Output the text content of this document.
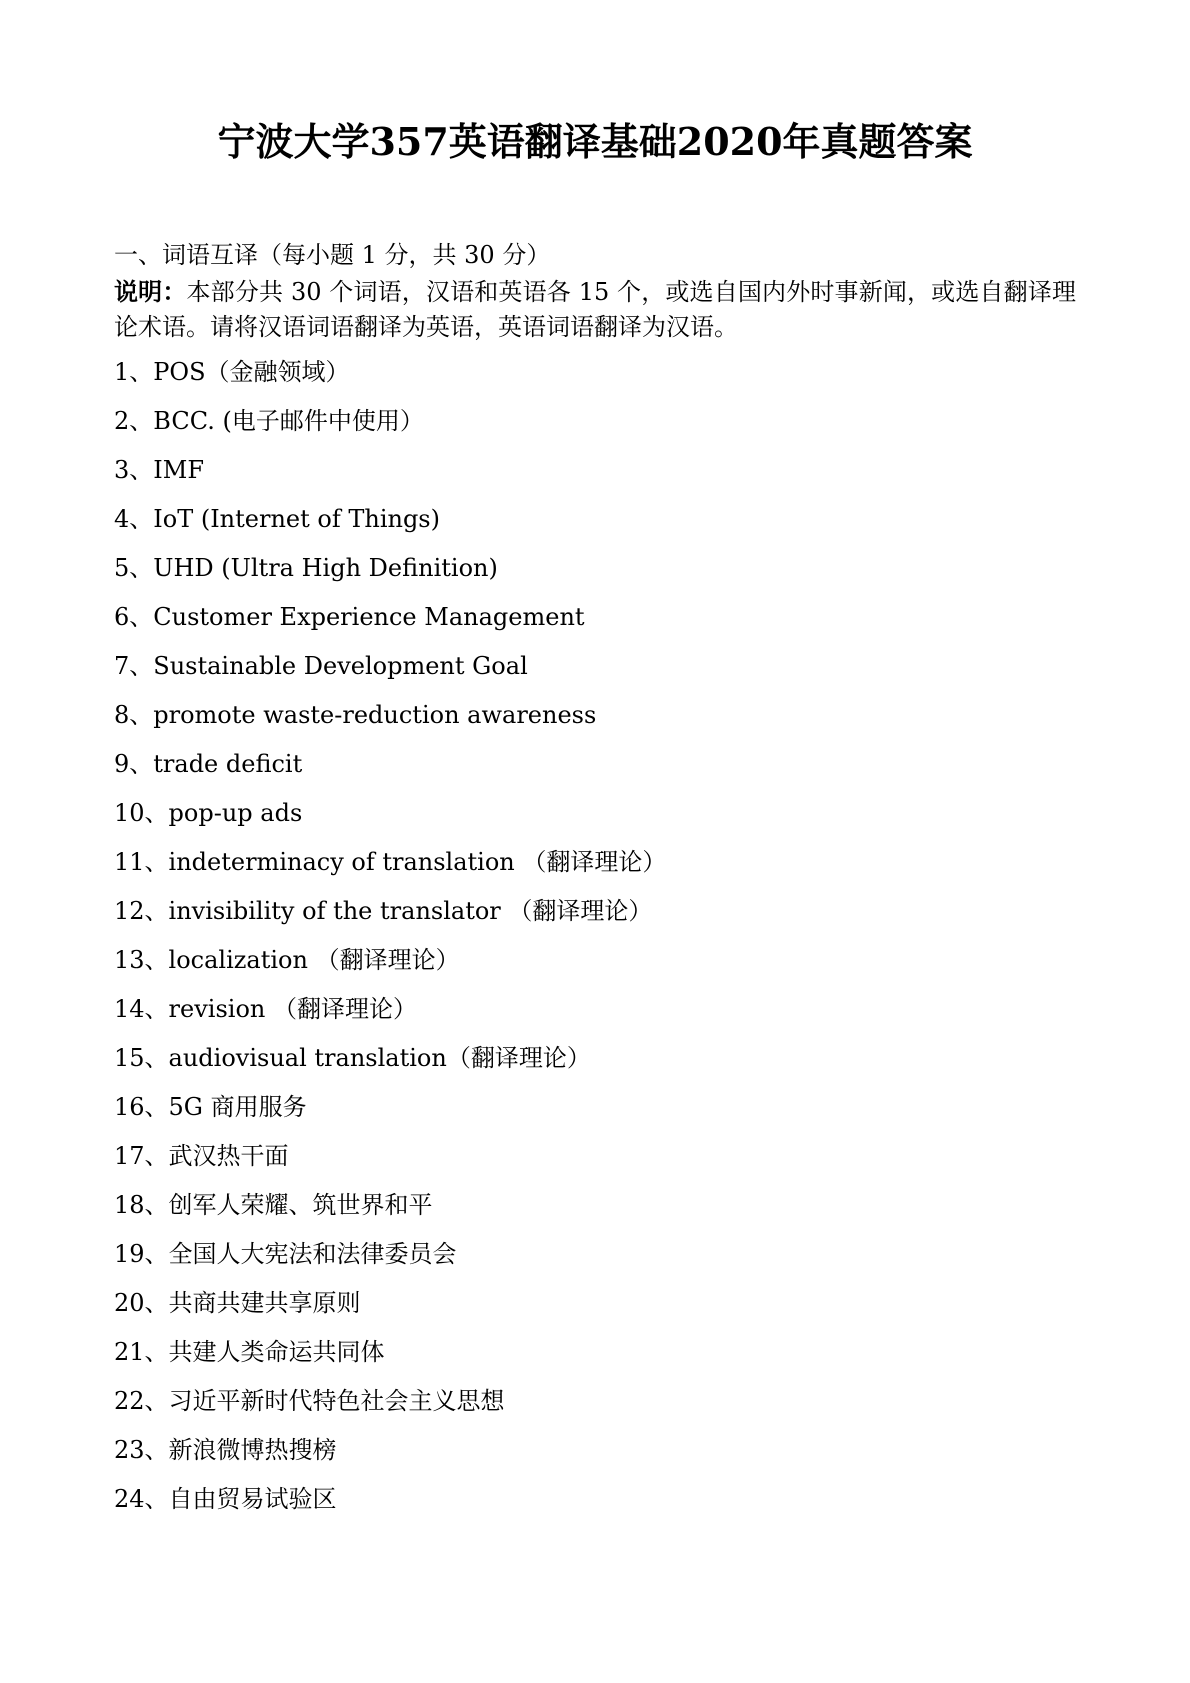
宁波大学357英语翻译基础2020年真题答案
一、词语互译（每小题 1 分，共 30 分）
说明：本部分共 30 个词语，汉语和英语各 15 个，或选自国内外时事新闻，或选自翻译理论术语。请将汉语词语翻译为英语，英语词语翻译为汉语。
1、POS（金融领域）
2、BCC. (电子邮件中使用）
3、IMF
4、IoT (Internet of Things)
5、UHD (Ultra High Definition)
6、Customer Experience Management
7、Sustainable Development Goal
8、promote waste-reduction awareness
9、trade deficit
10、pop-up ads
11、indeterminacy of translation （翻译理论）
12、invisibility of the translator （翻译理论）
13、localization （翻译理论）
14、revision （翻译理论）
15、audiovisual translation（翻译理论）
16、5G 商用服务
17、武汉热干面
18、创军人荣耀、筑世界和平
19、全国人大宪法和法律委员会
20、共商共建共享原则
21、共建人类命运共同体
22、习近平新时代特色社会主义思想
23、新浪微博热搜榜
24、自由贸易试验区
